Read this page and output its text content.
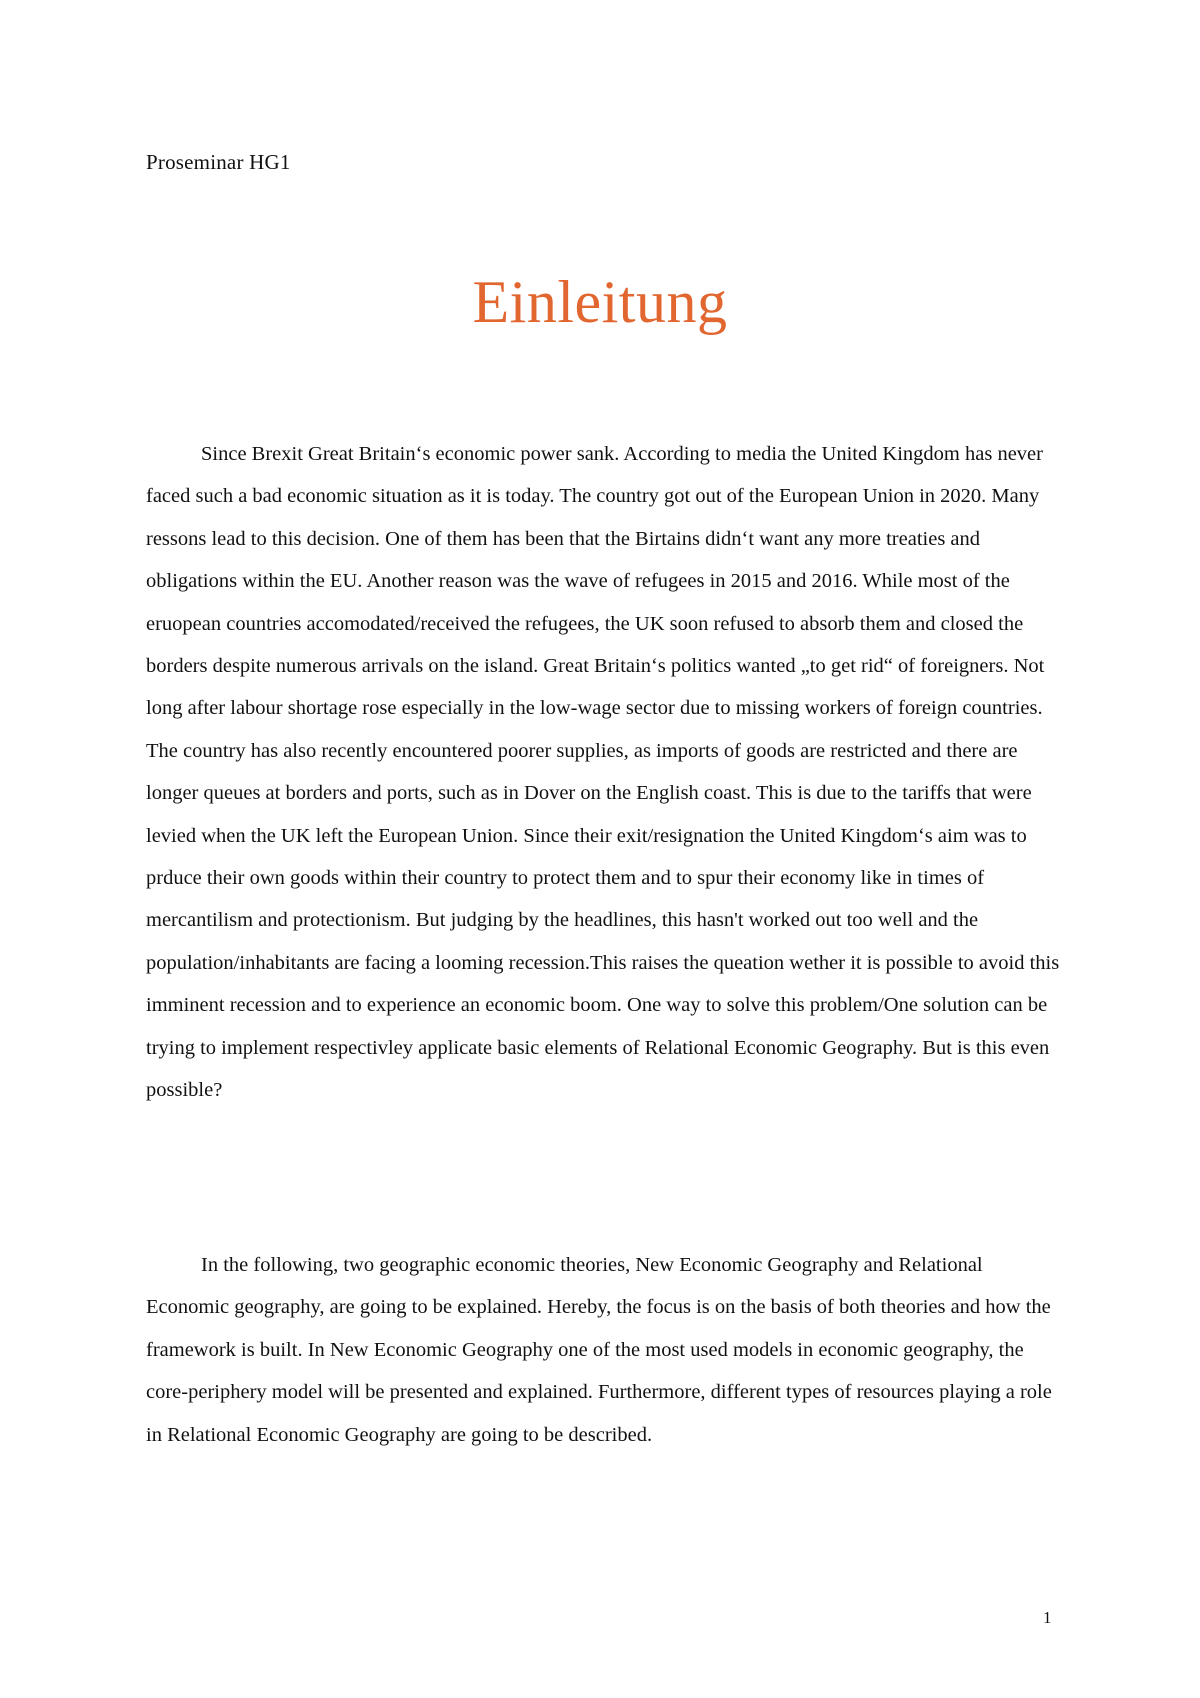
Proseminar HG1

Einleitung

Since Brexit Great Britain‘s economic power sank. According to media the United Kingdom has never faced such a bad economic situation as it is today. The country got out of the European Union in 2020. Many ressons lead to this decision. One of them has been that the Birtains didn‘t want any more treaties and obligations within the EU. Another reason was the wave of refugees in 2015 and 2016. While most of the eruopean countries accomodated/received the refugees, the UK soon refused to absorb them and closed the borders despite numerous arrivals on the island. Great Britain‘s politics wanted „to get rid“ of foreigners. Not long after labour shortage rose especially in the low-wage sector due to missing workers of foreign countries. The country has also recently encountered poorer supplies, as imports of goods are restricted and there are longer queues at borders and ports, such as in Dover on the English coast. This is due to the tariffs that were levied when the UK left the European Union. Since their exit/resignation the United Kingdom‘s aim was to prduce their own goods within their country to protect them and to spur their economy like in times of mercantilism and protectionism. But judging by the headlines, this hasn't worked out too well and the population/inhabitants are facing a looming recession.This raises the queation wether it is possible to avoid this imminent recession and to experience an economic boom. One way to solve this problem/One solution can be trying to implement respectivley applicate basic elements of Relational Economic Geography. But is this even possible?

In the following, two geographic economic theories, New Economic Geography and Relational Economic geography, are going to be explained. Hereby, the focus is on the basis of both theories and how the framework is built. In New Economic Geography one of the most used models in economic geography, the core-periphery model will be presented and explained. Furthermore, different types of resources playing a role in Relational Economic Geography are going to be described.

1
